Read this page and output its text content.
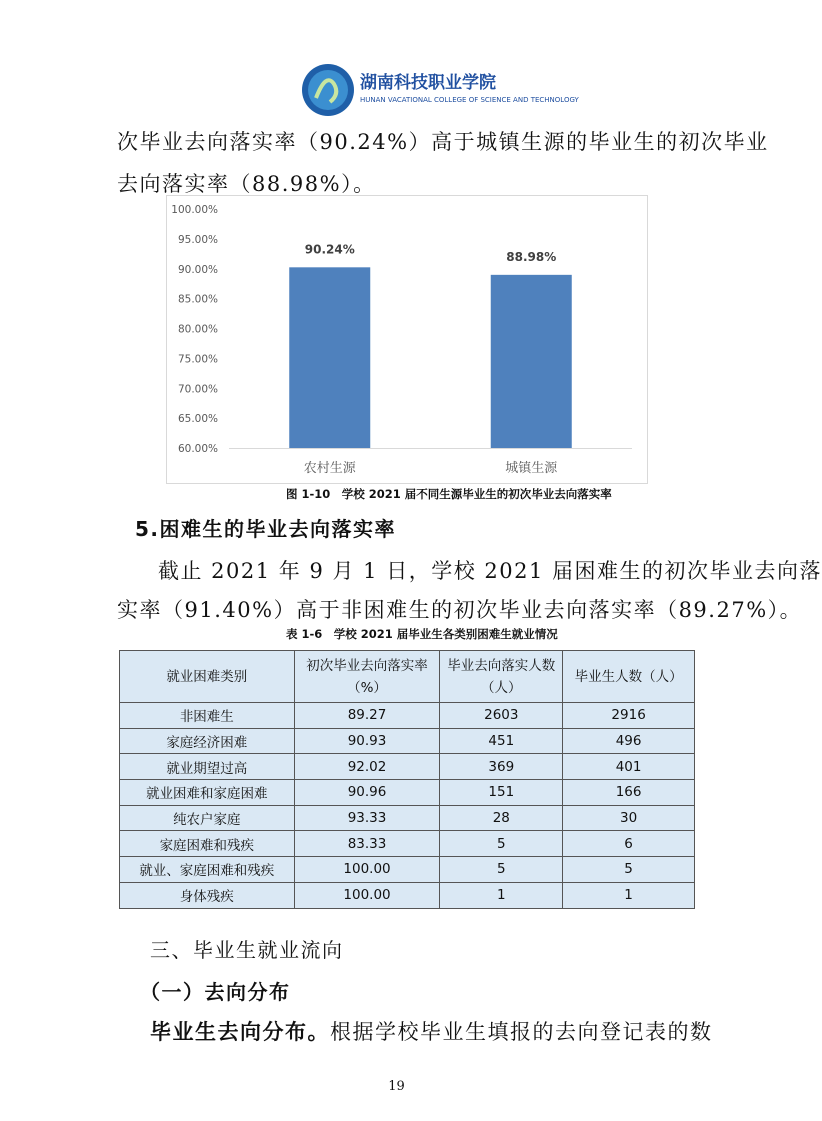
湖南科技职业学院
HUNAN VACATIONAL COLLEGE OF SCIENCE AND TECHNOLOGY
次毕业去向落实率（90.24%）高于城镇生源的毕业生的初次毕业
去向落实率（88.98%）。
60.00%
65.00%
70.00%
75.00%
80.00%
85.00%
90.00%
95.00%
100.00%
90.24%
农村生源
88.98%
城镇生源
图 1-10　学校 2021 届不同生源毕业生的初次毕业去向落实率
5.困难生的毕业去向落实率
截止 2021 年 9 月 1 日，学校 2021 届困难生的初次毕业去向落
实率（91.40%）高于非困难生的初次毕业去向落实率（89.27%）。
表 1-6　学校 2021 届毕业生各类别困难生就业情况
就业困难类别	初次毕业去向落实率（%）	毕业去向落实人数（人）	毕业生人数（人）
非困难生	89.27	2603	2916
家庭经济困难	90.93	451	496
就业期望过高	92.02	369	401
就业困难和家庭困难	90.96	151	166
纯农户家庭	93.33	28	30
家庭困难和残疾	83.33	5	6
就业、家庭困难和残疾	100.00	5	5
身体残疾	100.00	1	1
三、毕业生就业流向
（一）去向分布
毕业生去向分布。根据学校毕业生填报的去向登记表的数
19
